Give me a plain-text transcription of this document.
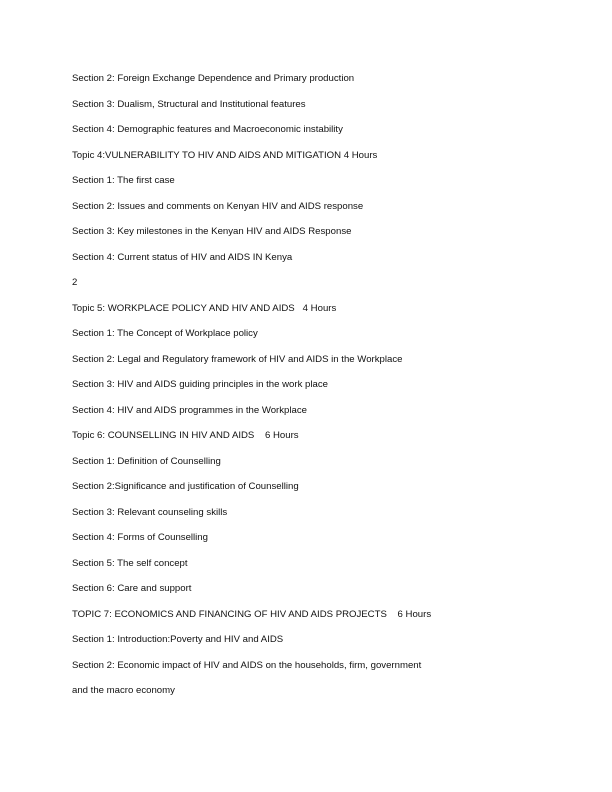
Section 2: Foreign Exchange Dependence and Primary production
Section 3: Dualism, Structural and Institutional features
Section 4: Demographic features and Macroeconomic instability
Topic 4:VULNERABILITY TO HIV AND AIDS AND MITIGATION 4 Hours
Section 1: The first case
Section 2: Issues and comments on Kenyan HIV and AIDS response
Section 3: Key milestones in the Kenyan HIV and AIDS Response
Section 4: Current status of HIV and AIDS IN Kenya
2
Topic 5: WORKPLACE POLICY AND HIV AND AIDS   4 Hours
Section 1: The Concept of Workplace policy
Section 2: Legal and Regulatory framework of HIV and AIDS in the Workplace
Section 3: HIV and AIDS guiding principles in the work place
Section 4: HIV and AIDS programmes in the Workplace
Topic 6: COUNSELLING IN HIV AND AIDS    6 Hours
Section 1: Definition of Counselling
Section 2:Significance and justification of Counselling
Section 3: Relevant counseling skills
Section 4: Forms of Counselling
Section 5: The self concept
Section 6: Care and support
TOPIC 7: ECONOMICS AND FINANCING OF HIV AND AIDS PROJECTS    6 Hours
Section 1: Introduction:Poverty and HIV and AIDS
Section 2: Economic impact of HIV and AIDS on the households, firm, government
and the macro economy
